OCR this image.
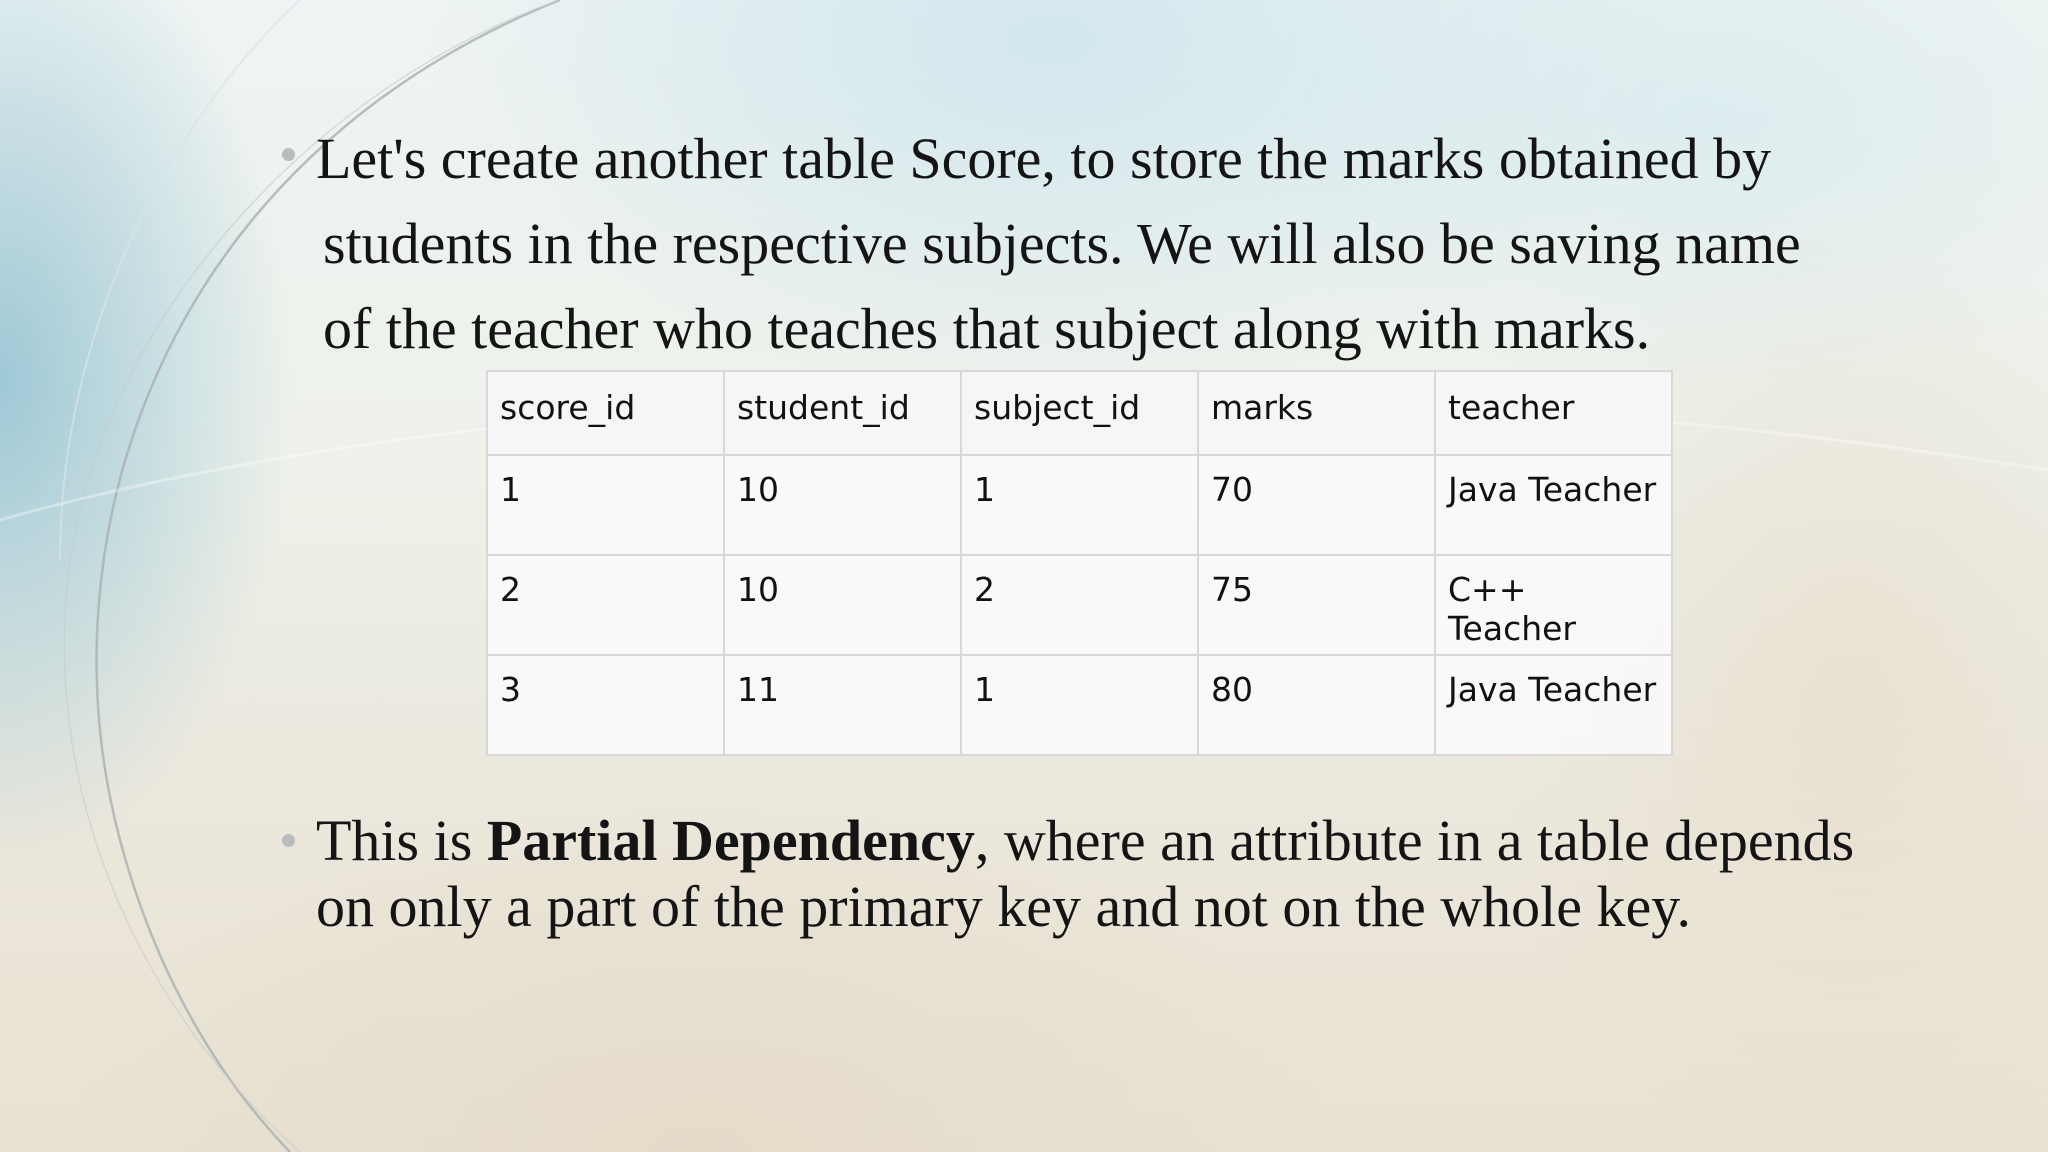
Let's create another table Score, to store the marks obtained by
students in the respective subjects. We will also be saving name
of the teacher who teaches that subject along with marks.
score_id	student_id	subject_id	marks	teacher
1	10	1	70	Java Teacher
2	10	2	75	C++ Teacher
3	11	1	80	Java Teacher
This is Partial Dependency, where an attribute in a table depends on only a part of the primary key and not on the whole key.
